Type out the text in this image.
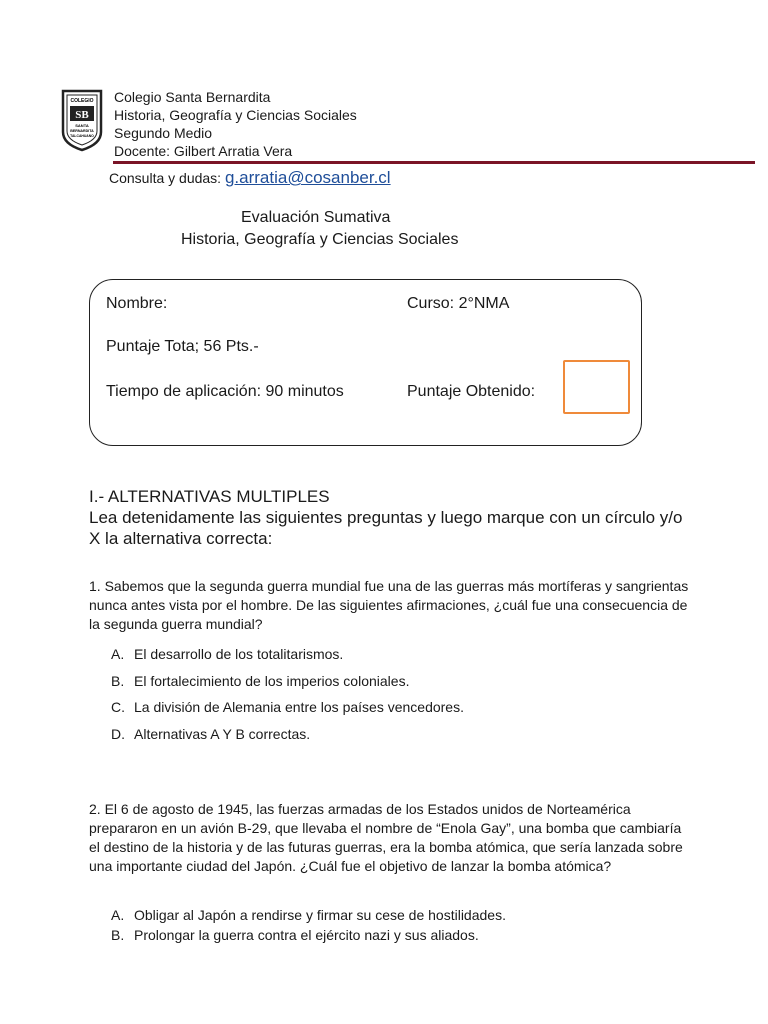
COLEGIO
SB
SANTA
BERNARDITA
TALCAHUANO
Colegio Santa Bernardita
Historia, Geografía y Ciencias Sociales
Segundo Medio
Docente: Gilbert Arratia Vera
Consulta y dudas: g.arratia@cosanber.cl
Evaluación Sumativa
Historia, Geografía y Ciencias Sociales
Nombre:	Curso: 2°NMA
Puntaje Tota; 56 Pts.-
Tiempo de aplicación: 90 minutos	Puntaje Obtenido:
I.- ALTERNATIVAS MULTIPLES
Lea detenidamente las siguientes preguntas y luego marque con un círculo y/o
X la alternativa correcta:
1. Sabemos que la segunda guerra mundial fue una de las guerras más mortíferas y sangrientas nunca antes vista por el hombre. De las siguientes afirmaciones, ¿cuál fue una consecuencia de la segunda guerra mundial?
A. El desarrollo de los totalitarismos.
B. El fortalecimiento de los imperios coloniales.
C. La división de Alemania entre los países vencedores.
D. Alternativas A Y B correctas.
2. El 6 de agosto de 1945, las fuerzas armadas de los Estados unidos de Norteamérica prepararon en un avión B-29, que llevaba el nombre de “Enola Gay”, una bomba que cambiaría el destino de la historia y de las futuras guerras, era la bomba atómica, que sería lanzada sobre una importante ciudad del Japón. ¿Cuál fue el objetivo de lanzar la bomba atómica?
A. Obligar al Japón a rendirse y firmar su cese de hostilidades.
B. Prolongar la guerra contra el ejército nazi y sus aliados.
